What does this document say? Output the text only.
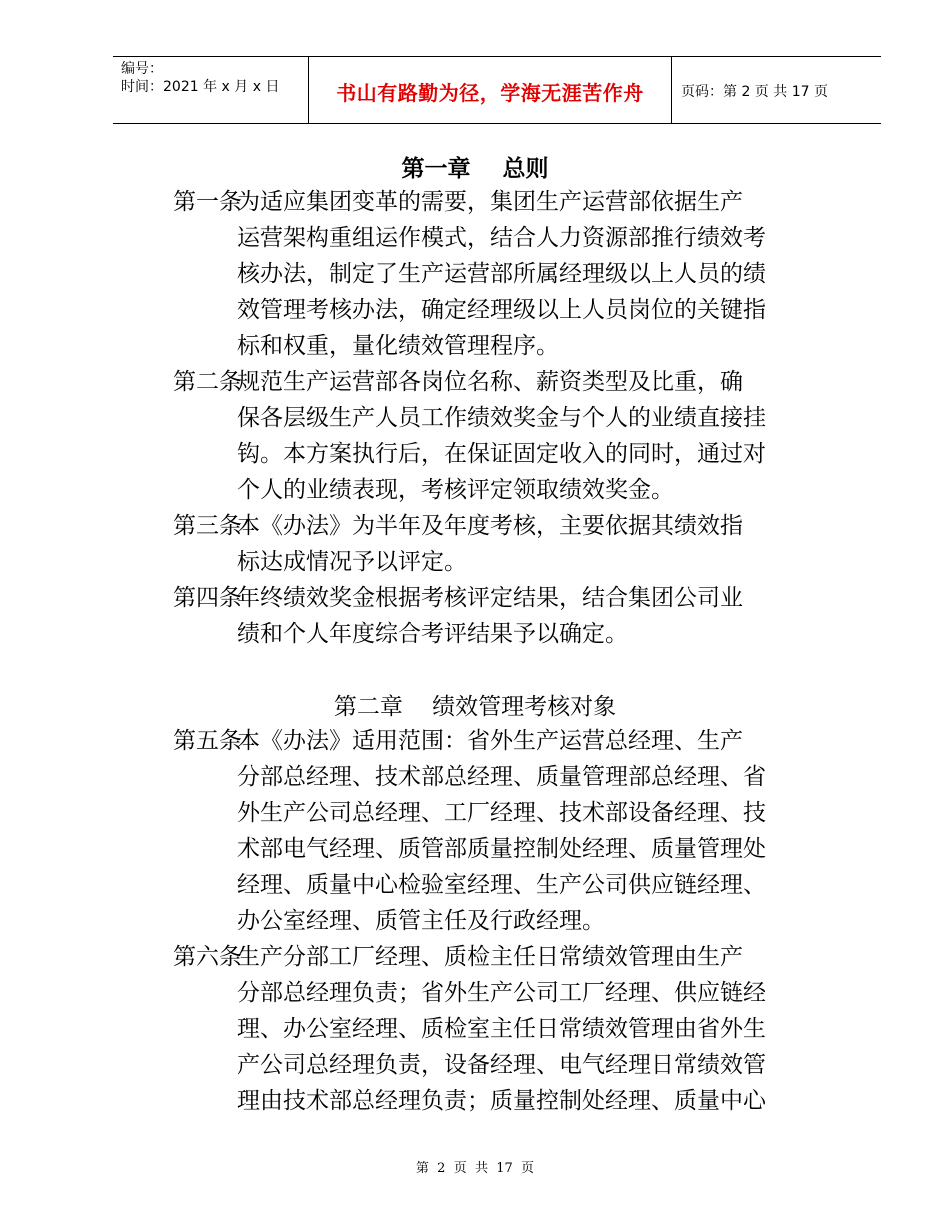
编号：
时间：2021 年 x 月 x 日	书山有路勤为径，学海无涯苦作舟	页码：第 2 页 共 17 页
第一章    总则
第一条
为适应集团变革的需要，集团生产运营部依据生产
运营架构重组运作模式，结合人力资源部推行绩效考
核办法，制定了生产运营部所属经理级以上人员的绩
效管理考核办法，确定经理级以上人员岗位的关键指
标和权重，量化绩效管理程序。
第二条
规范生产运营部各岗位名称、薪资类型及比重，确
保各层级生产人员工作绩效奖金与个人的业绩直接挂
钩。本方案执行后，在保证固定收入的同时，通过对
个人的业绩表现，考核评定领取绩效奖金。
第三条
本《办法》为半年及年度考核，主要依据其绩效指
标达成情况予以评定。
第四条
年终绩效奖金根据考核评定结果，结合集团公司业
绩和个人年度综合考评结果予以确定。
第二章    绩效管理考核对象
第五条
本《办法》适用范围：省外生产运营总经理、生产
分部总经理、技术部总经理、质量管理部总经理、省
外生产公司总经理、工厂经理、技术部设备经理、技
术部电气经理、质管部质量控制处经理、质量管理处
经理、质量中心检验室经理、生产公司供应链经理、
办公室经理、质管主任及行政经理。
第六条
生产分部工厂经理、质检主任日常绩效管理由生产
分部总经理负责；省外生产公司工厂经理、供应链经
理、办公室经理、质检室主任日常绩效管理由省外生
产公司总经理负责，设备经理、电气经理日常绩效管
理由技术部总经理负责；质量控制处经理、质量中心
第  2  页  共  17  页
